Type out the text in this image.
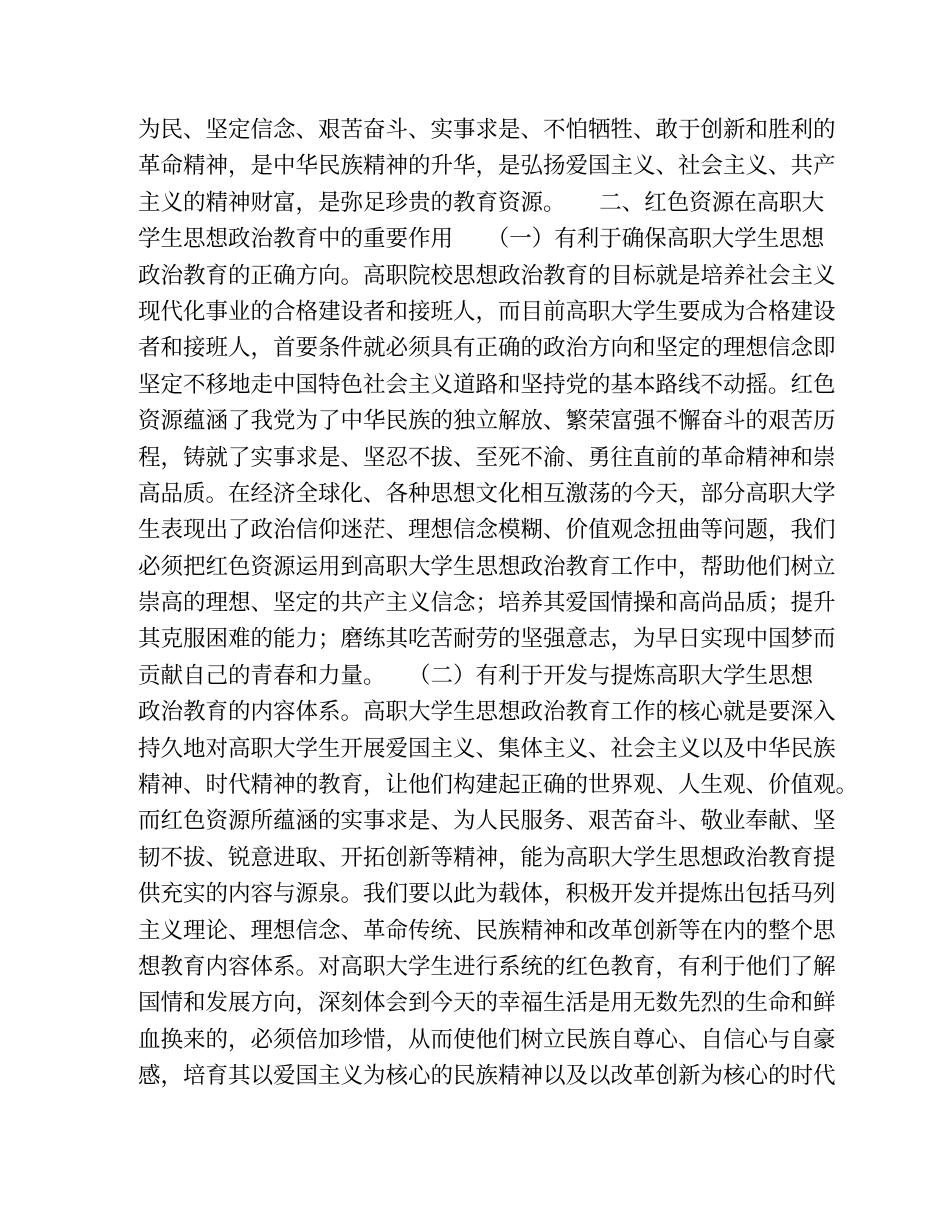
为民、坚定信念、艰苦奋斗、实事求是、不怕牺牲、敢于创新和胜利的
革命精神，是中华民族精神的升华，是弘扬爱国主义、社会主义、共产
主义的精神财富，是弥足珍贵的教育资源。　　二、红色资源在高职大
学生思想政治教育中的重要作用　　（一）有利于确保高职大学生思想
政治教育的正确方向。高职院校思想政治教育的目标就是培养社会主义
现代化事业的合格建设者和接班人，而目前高职大学生要成为合格建设
者和接班人，首要条件就必须具有正确的政治方向和坚定的理想信念即
坚定不移地走中国特色社会主义道路和坚持党的基本路线不动摇。红色
资源蕴涵了我党为了中华民族的独立解放、繁荣富强不懈奋斗的艰苦历
程，铸就了实事求是、坚忍不拔、至死不渝、勇往直前的革命精神和崇
高品质。在经济全球化、各种思想文化相互激荡的今天，部分高职大学
生表现出了政治信仰迷茫、理想信念模糊、价值观念扭曲等问题，我们
必须把红色资源运用到高职大学生思想政治教育工作中，帮助他们树立
崇高的理想、坚定的共产主义信念；培养其爱国情操和高尚品质；提升
其克服困难的能力；磨练其吃苦耐劳的坚强意志，为早日实现中国梦而
贡献自己的青春和力量。　　（二）有利于开发与提炼高职大学生思想
政治教育的内容体系。高职大学生思想政治教育工作的核心就是要深入
持久地对高职大学生开展爱国主义、集体主义、社会主义以及中华民族
精神、时代精神的教育，让他们构建起正确的世界观、人生观、价值观。
而红色资源所蕴涵的实事求是、为人民服务、艰苦奋斗、敬业奉献、坚
韧不拔、锐意进取、开拓创新等精神，能为高职大学生思想政治教育提
供充实的内容与源泉。我们要以此为载体，积极开发并提炼出包括马列
主义理论、理想信念、革命传统、民族精神和改革创新等在内的整个思
想教育内容体系。对高职大学生进行系统的红色教育，有利于他们了解
国情和发展方向，深刻体会到今天的幸福生活是用无数先烈的生命和鲜
血换来的，必须倍加珍惜，从而使他们树立民族自尊心、自信心与自豪
感，培育其以爱国主义为核心的民族精神以及以改革创新为核心的时代
